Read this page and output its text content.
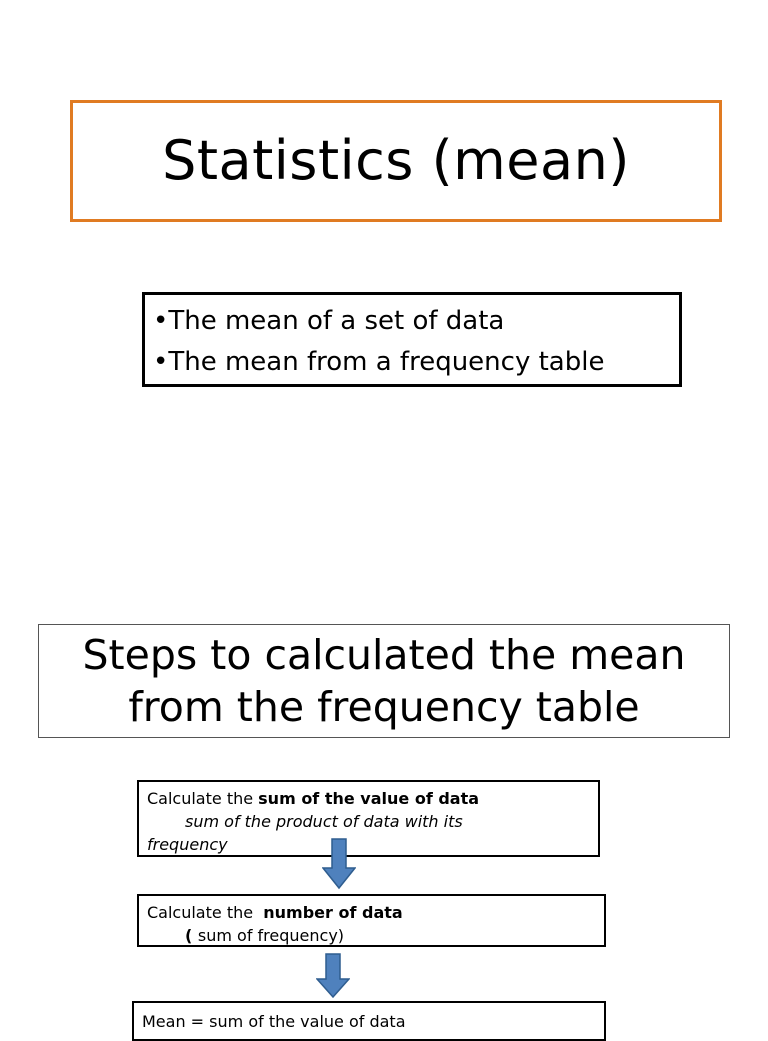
Statistics (mean)
•The mean of a set of data
•The mean from a frequency table
Steps to calculated the mean
from the frequency table
Calculate the sum of the value of data
sum of the product of data with its
frequency
Calculate the  number of data
( sum of frequency)
Mean = sum of the value of data
